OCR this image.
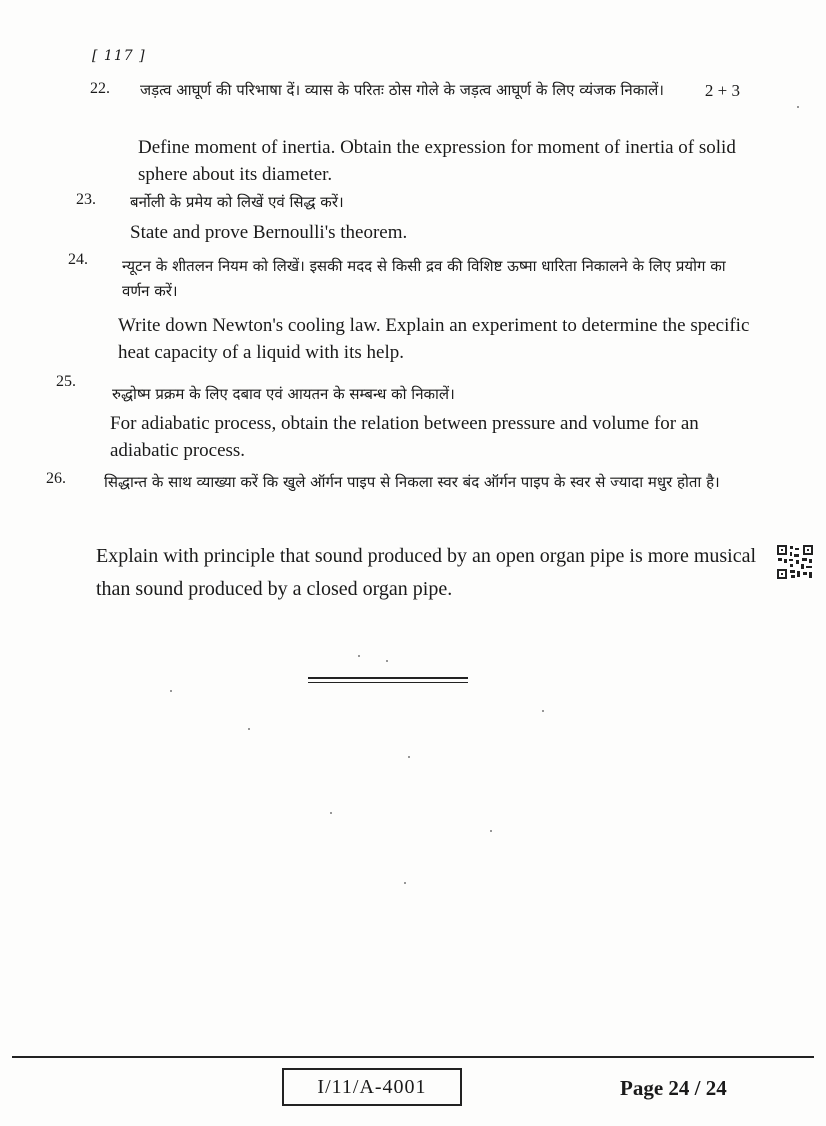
[ 117 ]
22. जड़त्व आघूर्ण की परिभाषा दें। व्यास के परितः ठोस गोले के जड़त्व आघूर्ण के लिए व्यंजक निकालें। 2 + 3
Define moment of inertia. Obtain the expression for moment of inertia of solid sphere about its diameter.
23. बर्नोली के प्रमेय को लिखें एवं सिद्ध करें।
State and prove Bernoulli's theorem.
24. न्यूटन के शीतलन नियम को लिखें। इसकी मदद से किसी द्रव की विशिष्ट ऊष्मा धारिता निकालने के लिए प्रयोग का वर्णन करें।
Write down Newton's cooling law. Explain an experiment to determine the specific heat capacity of a liquid with its help.
25.
रुद्धोष्म प्रक्रम के लिए दबाव एवं आयतन के सम्बन्ध को निकालें।
For adiabatic process, obtain the relation between pressure and volume for an adiabatic process.
26.	सिद्धान्त के साथ व्याख्या करें कि खुले ऑर्गन पाइप से निकला स्वर बंद ऑर्गन पाइप के स्वर से ज्यादा मधुर होता है।
Explain with principle that sound produced by an open organ pipe is more musical than sound produced by a closed organ pipe.
I/11/A-4001	Page 24 / 24
